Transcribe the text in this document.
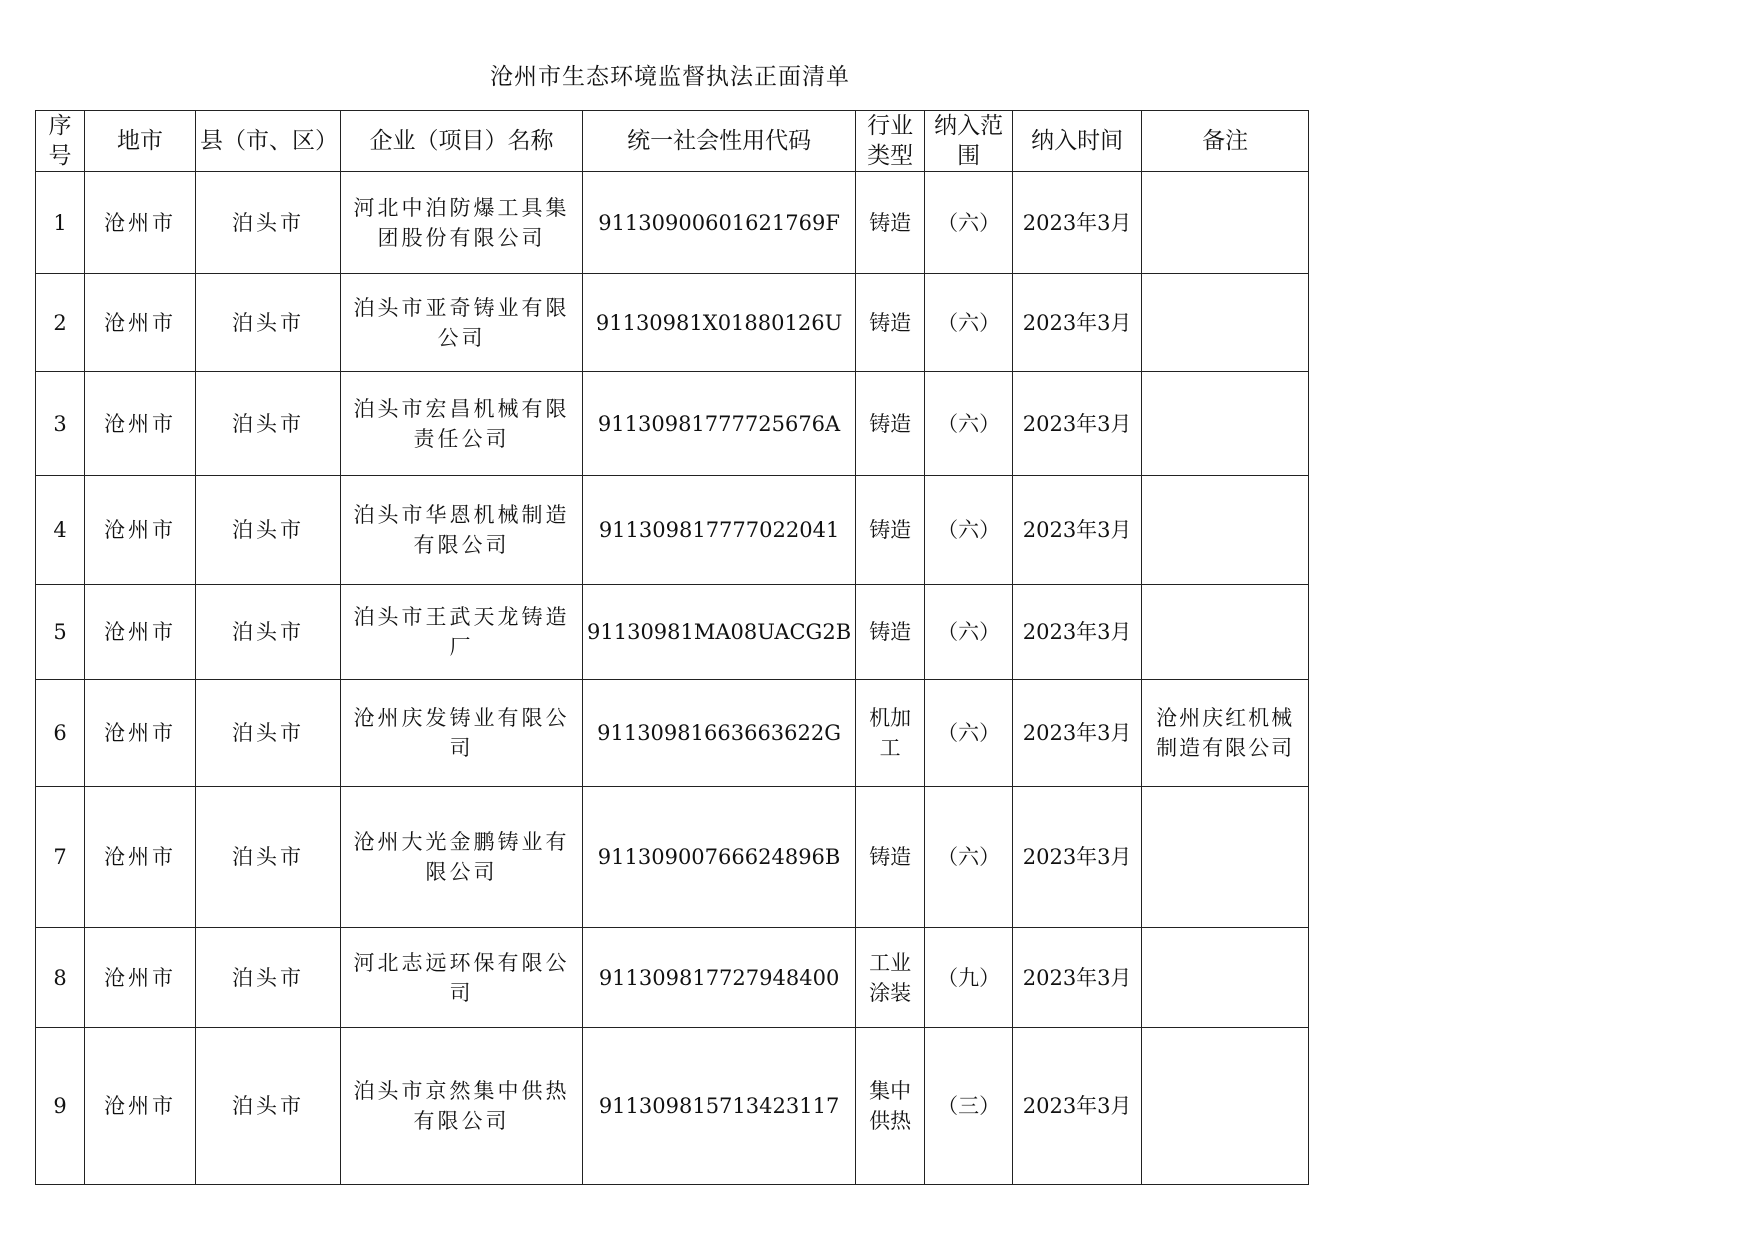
沧州市生态环境监督执法正面清单
序号	地市	县（市、区）	企业（项目）名称	统一社会性用代码	行业类型	纳入范围	纳入时间	备注
1	沧州市	泊头市	河北中泊防爆工具集团股份有限公司	91130900601621769F	铸造	（六）	2023年3月	
2	沧州市	泊头市	泊头市亚奇铸业有限公司	91130981X01880126U	铸造	（六）	2023年3月	
3	沧州市	泊头市	泊头市宏昌机械有限责任公司	91130981777725676A	铸造	（六）	2023年3月	
4	沧州市	泊头市	泊头市华恩机械制造有限公司	911309817777022041	铸造	（六）	2023年3月	
5	沧州市	泊头市	泊头市王武天龙铸造厂	91130981MA08UACG2B	铸造	（六）	2023年3月	
6	沧州市	泊头市	沧州庆发铸业有限公司	91130981663663622G	机加工	（六）	2023年3月	沧州庆红机械制造有限公司
7	沧州市	泊头市	沧州大光金鹏铸业有限公司	91130900766624896B	铸造	（六）	2023年3月	
8	沧州市	泊头市	河北志远环保有限公司	911309817727948400	工业涂装	（九）	2023年3月	
9	沧州市	泊头市	泊头市京然集中供热有限公司	911309815713423117	集中供热	（三）	2023年3月	
